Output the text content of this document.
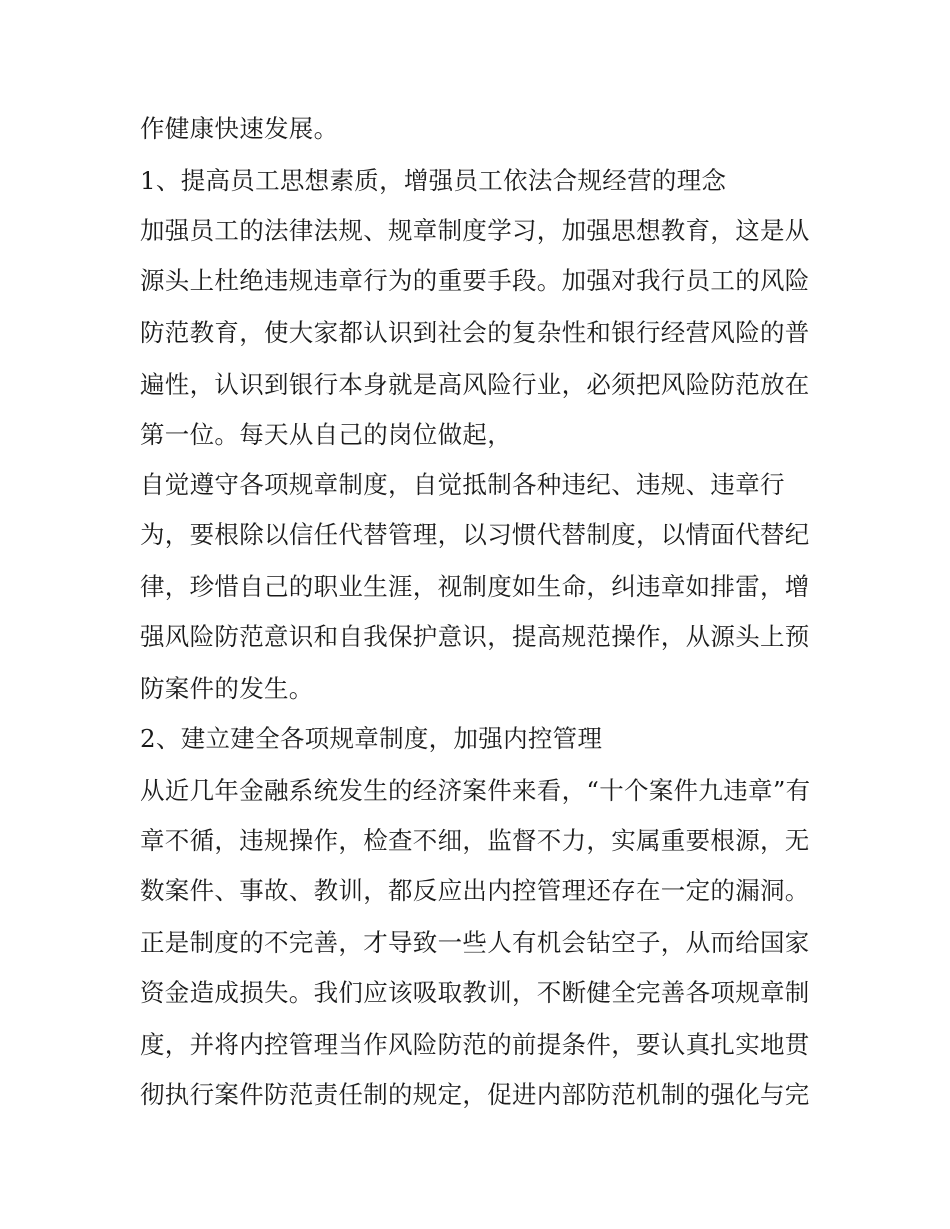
作健康快速发展。
1、提高员工思想素质，增强员工依法合规经营的理念
加强员工的法律法规、规章制度学习，加强思想教育，这是从
源头上杜绝违规违章行为的重要手段。加强对我行员工的风险
防范教育，使大家都认识到社会的复杂性和银行经营风险的普
遍性，认识到银行本身就是高风险行业，必须把风险防范放在
第一位。每天从自己的岗位做起，
自觉遵守各项规章制度，自觉抵制各种违纪、违规、违章行
为，要根除以信任代替管理，以习惯代替制度，以情面代替纪
律，珍惜自己的职业生涯，视制度如生命，纠违章如排雷，增
强风险防范意识和自我保护意识，提高规范操作，从源头上预
防案件的发生。
2、建立建全各项规章制度，加强内控管理
从近几年金融系统发生的经济案件来看，“十个案件九违章”有
章不循，违规操作，检查不细，监督不力，实属重要根源，无
数案件、事故、教训，都反应出内控管理还存在一定的漏洞。
正是制度的不完善，才导致一些人有机会钻空子，从而给国家
资金造成损失。我们应该吸取教训，不断健全完善各项规章制
度，并将内控管理当作风险防范的前提条件，要认真扎实地贯
彻执行案件防范责任制的规定，促进内部防范机制的强化与完
